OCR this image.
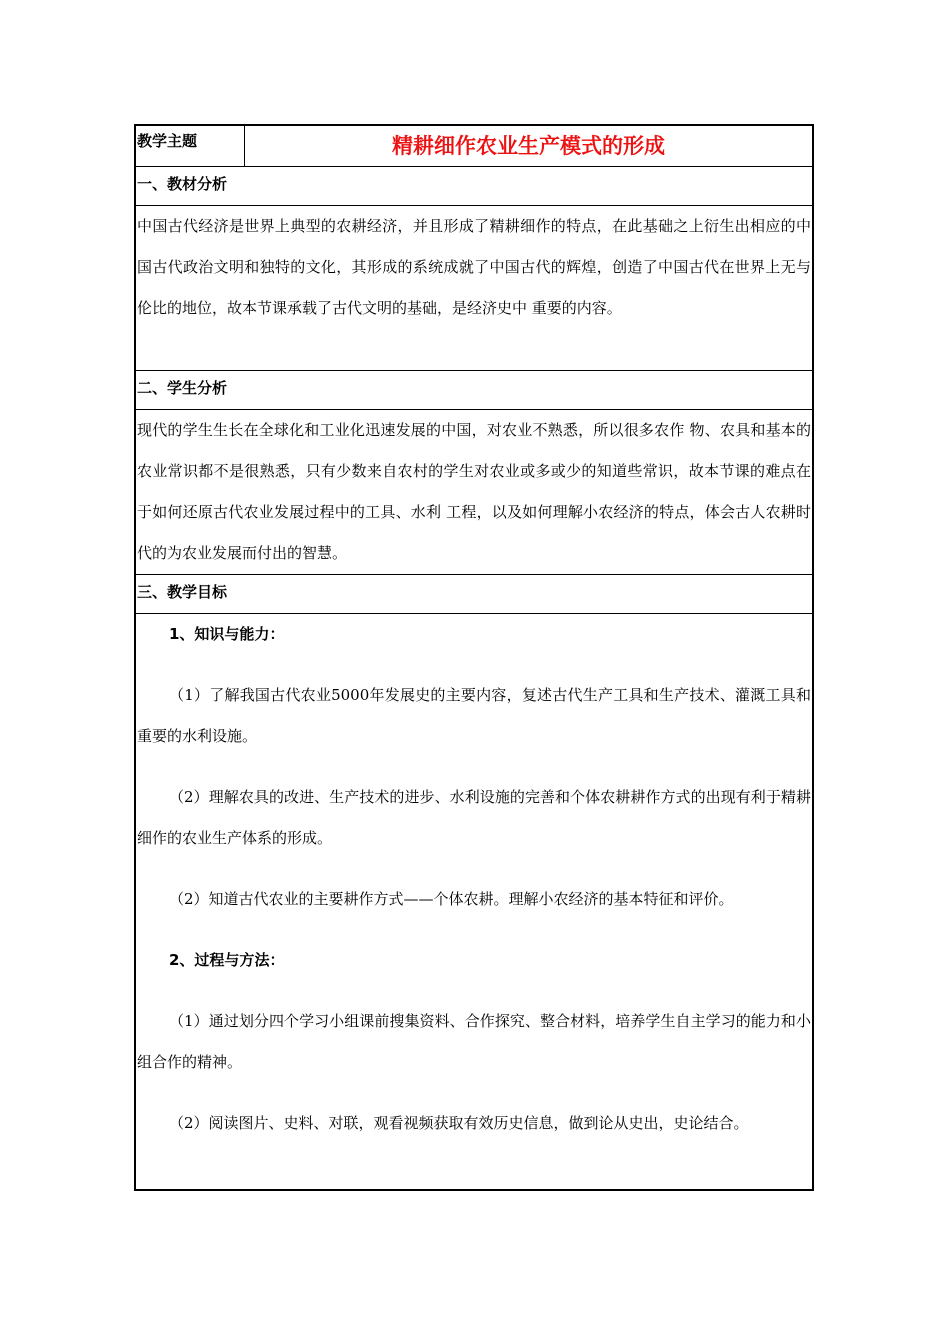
教学主题	精耕细作农业生产模式的形成
一、教材分析
中国古代经济是世界上典型的农耕经济，并且形成了精耕细作的特点，在此基础之上衍生出相应的中国古代政治文明和独特的文化，其形成的系统成就了中国古代的辉煌，创造了中国古代在世界上无与伦比的地位，故本节课承载了古代文明的基础，是经济史中 重要的内容。
二、学生分析
现代的学生生长在全球化和工业化迅速发展的中国，对农业不熟悉，所以很多农作 物、农具和基本的农业常识都不是很熟悉，只有少数来自农村的学生对农业或多或少的知道些常识，故本节课的难点在于如何还原古代农业发展过程中的工具、水利 工程，以及如何理解小农经济的特点，体会古人农耕时代的为农业发展而付出的智慧。
三、教学目标
1、知识与能力：
（1）了解我国古代农业5000年发展史的主要内容，复述古代生产工具和生产技术、灌溉工具和重要的水利设施。
（2）理解农具的改进、生产技术的进步、水利设施的完善和个体农耕耕作方式的出现有利于精耕细作的农业生产体系的形成。
（2）知道古代农业的主要耕作方式——个体农耕。理解小农经济的基本特征和评价。
2、过程与方法：
（1）通过划分四个学习小组课前搜集资料、合作探究、整合材料，培养学生自主学习的能力和小组合作的精神。
（2）阅读图片、史料、对联，观看视频获取有效历史信息，做到论从史出，史论结合。
